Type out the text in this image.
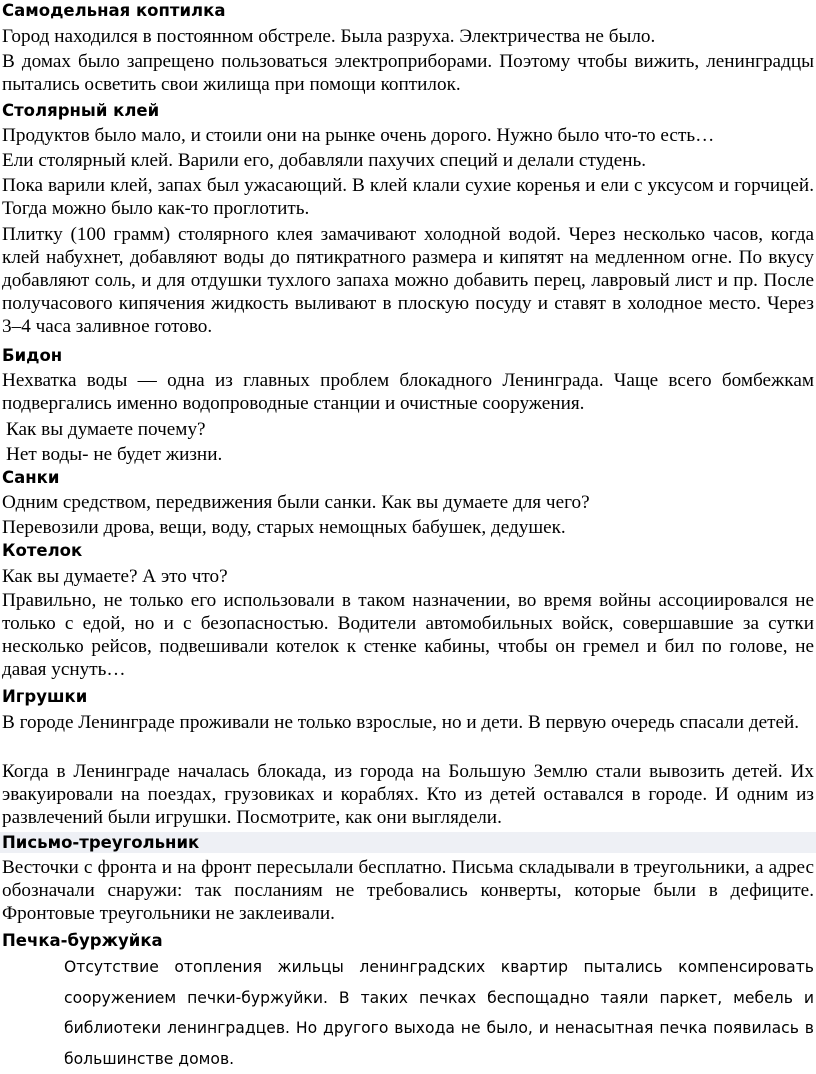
Самодельная коптилка

Город находился в постоянном обстреле. Была разруха. Электричества не было.

В домах было запрещено пользоваться электроприборами. Поэтому чтобы вижить, ленинградцы пытались осветить свои жилища при помощи коптилок.

Столярный клей

Продуктов было мало, и стоили они на рынке очень дорого. Нужно было что-то есть…

Ели столярный клей. Варили его, добавляли пахучих специй и делали студень.

Пока варили клей, запах был ужасающий. В клей клали сухие коренья и ели с уксусом и горчицей. Тогда можно было как-то проглотить.

Плитку (100 грамм) столярного клея замачивают холодной водой. Через несколько часов, когда клей набухнет, добавляют воды до пятикратного размера и кипятят на медленном огне. По вкусу добавляют соль, и для отдушки тухлого запаха можно добавить перец, лавровый лист и пр. После получасового кипячения жидкость выливают в плоскую посуду и ставят в холодное место. Через 3–4 часа заливное готово.

Бидон

Нехватка воды — одна из главных проблем блокадного Ленинграда. Чаще всего бомбежкам подвергались именно водопроводные станции и очистные сооружения.

Как вы думаете почему?

Нет воды- не будет жизни.

Санки

Одним средством, передвижения были санки. Как вы думаете для чего?

Перевозили дрова, вещи, воду, старых немощных бабушек, дедушек.

Котелок

Как вы думаете? А это что?

Правильно, не только его использовали в таком назначении, во время войны ассоциировался не только с едой, но и с безопасностью. Водители автомобильных войск, совершавшие за сутки несколько рейсов, подвешивали котелок к стенке кабины, чтобы он гремел и бил по голове, не давая уснуть…

Игрушки

В городе Ленинграде проживали не только взрослые, но и дети. В первую очередь спасали детей.

Когда в Ленинграде началась блокада, из города на Большую Землю стали вывозить детей. Их эвакуировали на поездах, грузовиках и кораблях. Кто из детей оставался в городе. И одним из развлечений были игрушки. Посмотрите, как они выглядели.

Письмо-треугольник

Весточки с фронта и на фронт пересылали бесплатно. Письма складывали в треугольники, а адрес обозначали снаружи: так посланиям не требовались конверты, которые были в дефиците. Фронтовые треугольники не заклеивали.

Печка-буржуйка

Отсутствие отопления жильцы ленинградских квартир пытались компенсировать сооружением печки-буржуйки. В таких печках беспощадно таяли паркет, мебель и библиотеки ленинградцев. Но другого выхода не было, и ненасытная печка появилась в большинстве домов.
